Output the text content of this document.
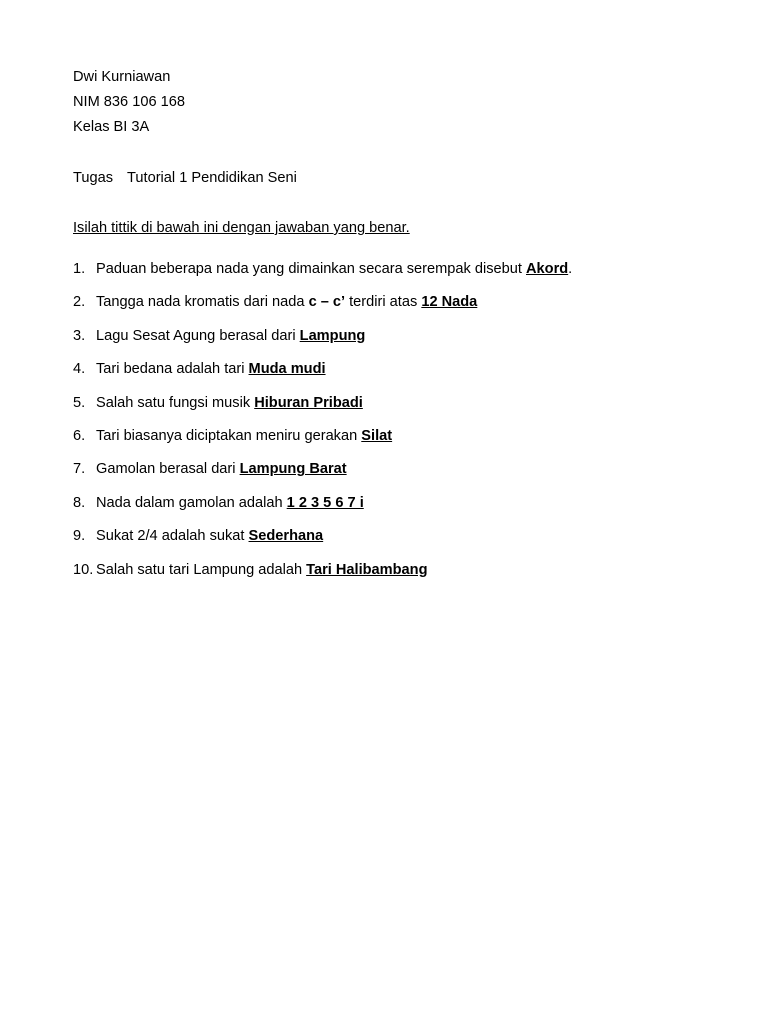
Dwi Kurniawan
NIM 836 106 168
Kelas BI 3A
Tugas Tutorial 1 Pendidikan Seni
Isilah tittik di bawah ini dengan jawaban yang benar.
1. Paduan beberapa nada yang dimainkan secara serempak disebut Akord.
2. Tangga nada kromatis dari nada c – c’ terdiri atas 12 Nada
3. Lagu Sesat Agung berasal dari Lampung
4. Tari bedana adalah tari Muda mudi
5. Salah satu fungsi musik Hiburan Pribadi
6. Tari biasanya diciptakan meniru gerakan Silat
7. Gamolan berasal dari Lampung Barat
8. Nada dalam gamolan adalah 1 2 3 5 6 7 i
9. Sukat 2/4 adalah sukat Sederhana
10. Salah satu tari Lampung adalah Tari Halibambang
